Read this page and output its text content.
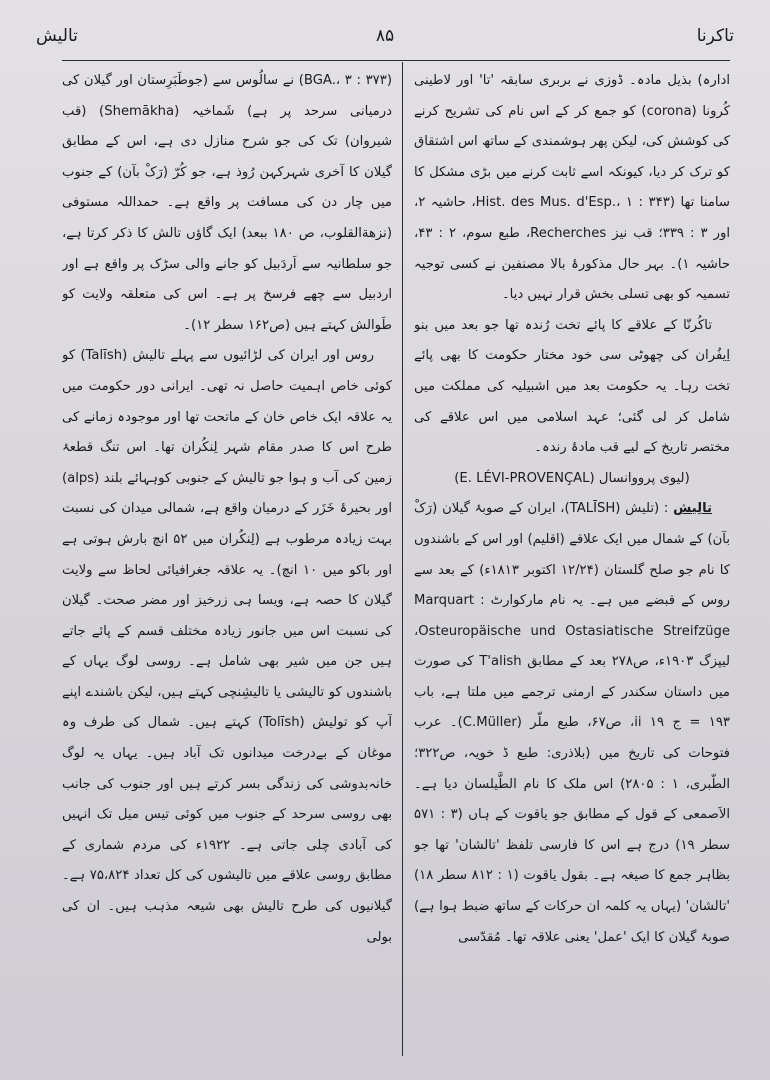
تاکرنا
۸۵
تالیش

ادارہ) بذیل مادہ۔ ڈوزی نے بربری سابقہ 'تا' اور لاطینی کُرونا (corona) کو جمع کر کے اس نام کی تشریح کرنے کی کوشش کی، لیکن پھر ہوشمندی کے ساتھ اس اشتقاق کو ترک کر دیا، کیونکہ اسے ثابت کرنے میں بڑی مشکل کا سامنا تھا (Hist. des Mus. d'Esp.، ۱ : ۳۴۳، حاشیہ ۲، اور ۳ : ۳۳۹؛ قب نیز Recherches، طبع سوم، ۲ : ۴۳، حاشیہ ۱)۔ بہر حال مذکورۂ بالا مصنفین نے کسی توجیہ تسمیہ کو بھی تسلی بخش قرار نہیں دیا۔

تاکُرنّا کے علاقے کا پائے تخت رُندہ تھا جو بعد میں بنو اِیفُران کی چھوٹی سی خود مختار حکومت کا بھی پائے تخت رہا۔ یہ حکومت بعد میں اشبیلیہ کی مملکت میں شامل کر لی گئی؛ عہد اسلامی میں اس علاقے کی مختصر تاریخ کے لیے قب مادۂ رندہ۔

(لیوی پرووانسال (E. LÉVI-PROVENÇAL)

تالِیش : (تلیش (TALĪSH)، ایران کے صوبۂ گیلان (رَکْ بآن) کے شمال میں ایک علاقے (اقلیم) اور اس کے باشندوں کا نام جو صلح گلستان (۱۲/۲۴ اکتوبر ۱۸۱۳ء) کے بعد سے روس کے قبضے میں ہے۔ یہ نام مارکوارٹ Marquart : Osteuropäische und Ostasiatische Streifzüge، لیپزگ ۱۹۰۳ء، ص۲۷۸ بعد کے مطابق T'alish کی صورت میں داستان سکندر کے ارمنی ترجمے میں ملتا ہے، باب ۱۹۳ = ج ii ۱۹، ص۶۷، طبع ملّر (C.Müller)۔ عرب فتوحات کی تاریخ میں (بلاذری: طبع ڈ خویہ، ص۳۲۲؛ الطّبری، ۱ : ۲۸۰۵) اس ملک کا نام الطَّیلسان دیا ہے۔ الاَصمعی کے قول کے مطابق جو یاقوت کے ہاں (۳ : ۵۷۱ سطر ۱۹) درج ہے اس کا فارسی تلفظ 'تالشان' تھا جو بظاہر جمع کا صیغہ ہے۔ بقول یاقوت (۱ : ۸۱۲ سطر ۱۸) 'تالشان' (یہاں یہ کلمہ ان حرکات کے ساتھ ضبط ہوا ہے) صوبۂ گیلان کا ایک 'عمل' یعنی علاقہ تھا۔ مُقدّسی

(BGA.، ۳ : ۳۷۳) نے سالُوس سے (جوطَبَرِستان اور گیلان کی درمیانی سرحد پر ہے) شَماخیہ (Shemākha) (قب شیروان) تک کی جو شرح منازل دی ہے، اس کے مطابق گیلان کا آخری شہرکہن رُوذ ہے، جو کُرّ (رَکْ بآن) کے جنوب میں چار دن کی مسافت پر واقع ہے۔ حمداللہ مستوفی (نزهةالقلوب، ص ۱۸۰ ببعد) ایک گاؤں تالش کا ذکر کرتا ہے، جو سلطانیہ سے اَردَبیل کو جانے والی سڑک پر واقع ہے اور اردبیل سے چھے فرسخ پر ہے۔ اس کی متعلقہ ولایت کو طَوالش کہتے ہیں (ص۱۶۲ سطر ۱۲)۔

روس اور ایران کی لڑائیوں سے پہلے تالیش (Talīsh) کو کوئی خاص اہمیت حاصل نہ تھی۔ ایرانی دور حکومت میں یہ علاقہ ایک خاص خان کے ماتحت تھا اور موجودہ زمانے کی طرح اس کا صدر مقام شہر لِنکُران تھا۔ اس تنگ قطعۂ زمین کی آب و ہوا جو تالیش کے جنوبی کوہہائے بلند (alps) اور بحیرۂ خَزَر کے درمیان واقع ہے، شمالی میدان کی نسبت بہت زیادہ مرطوب ہے (لِنکُران میں ۵۲ انچ بارش ہوتی ہے اور باکو میں ۱۰ انچ)۔ یہ علاقہ جغرافیائی لحاظ سے ولایت گیلان کا حصہ ہے، ویسا ہی زرخیز اور مضر صحت۔ گیلان کی نسبت اس میں جانور زیادہ مختلف قسم کے پائے جاتے ہیں جن میں شیر بھی شامل ہے۔ روسی لوگ یہاں کے باشندوں کو تالیشی یا تالیشِنچی کہتے ہیں، لیکن باشندے اپنے آپ کو تولیش (Tolīsh) کہتے ہیں۔ شمال کی طرف وہ موغان کے بےدرخت میدانوں تک آباد ہیں۔ یہاں یہ لوگ خانہ‌بدوشی کی زندگی بسر کرتے ہیں اور جنوب کی جانب بھی روسی سرحد کے جنوب میں کوئی تیس میل تک انہیں کی آبادی چلی جاتی ہے۔ ۱۹۲۲ء کی مردم شماری کے مطابق روسی علاقے میں تالیشوں کی کل تعداد ۷۵،۸۲۴ ہے۔ گیلانیوں کی طرح تالیش بھی شیعہ مذہب ہیں۔ ان کی بولی
